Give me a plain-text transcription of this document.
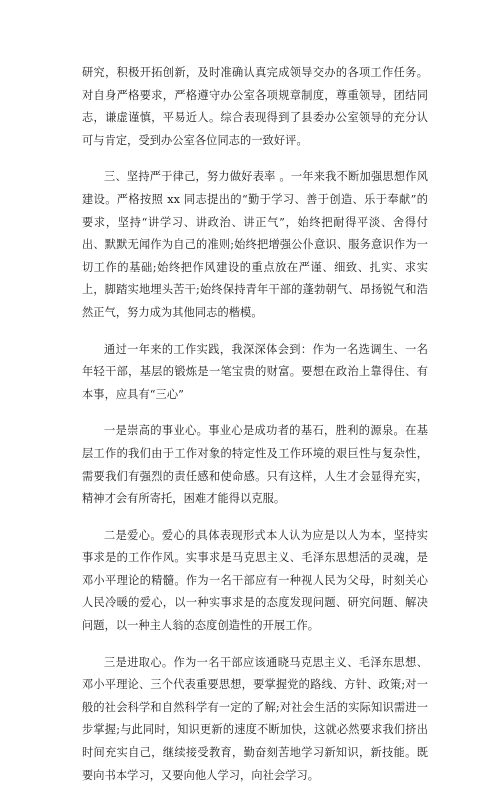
研究，积极开拓创新，及时准确认真完成领导交办的各项工作任务。对自身严格要求，严格遵守办公室各项规章制度，尊重领导，团结同志，谦虚谨慎，平易近人。综合表现得到了县委办公室领导的充分认可与肯定，受到办公室各位同志的一致好评。

三、坚持严于律己，努力做好表率 。一年来我不断加强思想作风建设。严格按照 xx 同志提出的“勤于学习、善于创造、乐于奉献”的要求，坚持“讲学习、讲政治、讲正气”，始终把耐得平淡、舍得付出、默默无闻作为自己的准则;始终把增强公仆意识、服务意识作为一切工作的基础;始终把作风建设的重点放在严谨、细致、扎实、求实上，脚踏实地埋头苦干;始终保持青年干部的蓬勃朝气、昂扬锐气和浩然正气，努力成为其他同志的楷模。

通过一年来的工作实践，我深深体会到：作为一名选调生、一名年轻干部，基层的锻炼是一笔宝贵的财富。要想在政治上靠得住、有本事，应具有“三心”

一是崇高的事业心。事业心是成功者的基石，胜利的源泉。在基层工作的我们由于工作对象的特定性及工作环境的艰巨性与复杂性，需要我们有强烈的责任感和使命感。只有这样，人生才会显得充实，精神才会有所寄托，困难才能得以克服。

二是爱心。爱心的具体表现形式本人认为应是以人为本，坚持实事求是的工作作风。实事求是马克思主义、毛泽东思想活的灵魂，是邓小平理论的精髓。作为一名干部应有一种视人民为父母，时刻关心人民冷暖的爱心，以一种实事求是的态度发现问题、研究问题、解决问题，以一种主人翁的态度创造性的开展工作。

三是进取心。作为一名干部应该通晓马克思主义、毛泽东思想、邓小平理论、三个代表重要思想，要掌握党的路线、方针、政策;对一般的社会科学和自然科学有一定的了解;对社会生活的实际知识需进一步掌握;与此同时，知识更新的速度不断加快，这就必然要求我们挤出时间充实自己，继续接受教育，勤奋刻苦地学习新知识，新技能。既要向书本学习，又要向他人学习，向社会学习。
